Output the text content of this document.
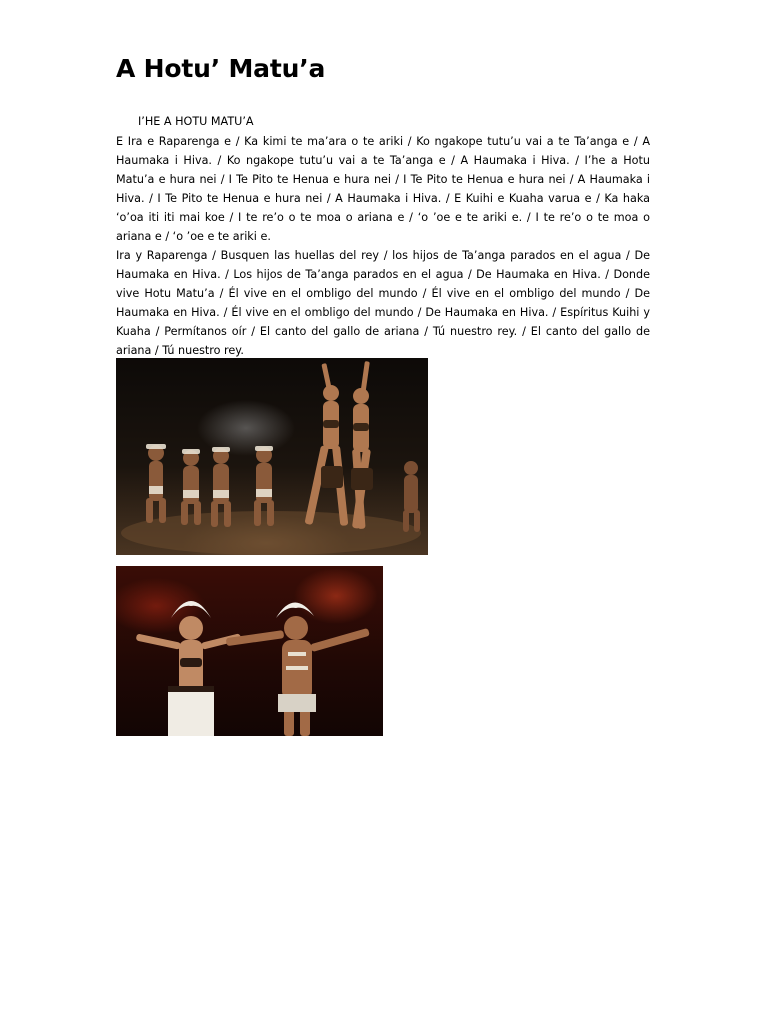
A Hotu’ Matu’a

I’HE A HOTU MATU’A

E Ira e Raparenga e / Ka kimi te ma’ara o te ariki / Ko ngakope tutu’u vai a te Ta’anga e / A Haumaka i Hiva. / Ko ngakope tutu’u vai a te Ta’anga e / A Haumaka i Hiva. / I’he a Hotu Matu’a e hura nei / I Te Pito te Henua e hura nei / I Te Pito te Henua e hura nei / A Haumaka i Hiva. / I Te Pito te Henua e hura nei / A Haumaka i Hiva. / E Kuihi e Kuaha varua e / Ka haka ‘o’oa iti iti mai koe / I te re’o o te moa o ariana e / ‘o ’oe e te ariki e. / I te re’o o te moa o ariana e / ‘o ’oe e te ariki e.

Ira y Raparenga / Busquen las huellas del rey / los hijos de Ta’anga parados en el agua / De Haumaka en Hiva. / Los hijos de Ta’anga parados en el agua / De Haumaka en Hiva. / Donde vive Hotu Matu’a / Él vive en el ombligo del mundo / Él vive en el ombligo del mundo / De Haumaka en Hiva. / Él vive en el ombligo del mundo / De Haumaka en Hiva. / Espíritus Kuihi y Kuaha / Permítanos oír / El canto del gallo de ariana / Tú nuestro rey. / El canto del gallo de ariana / Tú nuestro rey.
